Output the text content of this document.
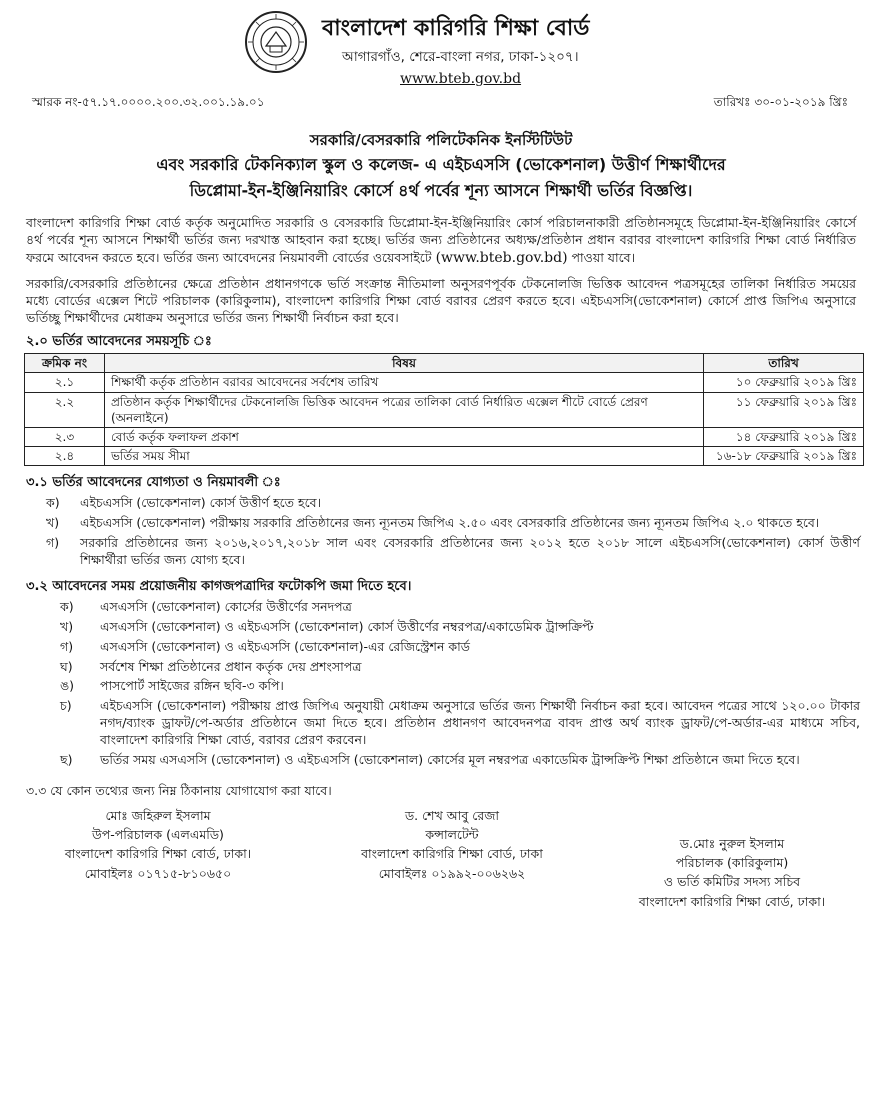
বাংলাদেশ কারিগরি শিক্ষা বোর্ড
আগারগাঁও, শেরে-বাংলা নগর, ঢাকা-১২০৭।
www.bteb.gov.bd
স্মারক নং-৫৭.১৭.০০০০.২০০.৩২.০০১.১৯.০১	তারিখঃ ৩০-০১-২০১৯ খ্রিঃ
সরকারি/বেসরকারি পলিটেকনিক ইনস্টিটিউট
এবং সরকারি টেকনিক্যাল স্কুল ও কলেজ- এ এইচএসসি (ভোকেশনাল) উত্তীর্ণ শিক্ষার্থীদের
ডিপ্লোমা-ইন-ইঞ্জিনিয়ারিং কোর্সে ৪র্থ পর্বের শূন্য আসনে শিক্ষার্থী ভর্তির বিজ্ঞপ্তি।

বাংলাদেশ কারিগরি শিক্ষা বোর্ড কর্তৃক অনুমোদিত সরকারি ও বেসরকারি ডিপ্লোমা-ইন-ইঞ্জিনিয়ারিং কোর্স পরিচালনাকারী প্রতিষ্ঠানসমূহে ডিপ্লোমা-ইন-ইঞ্জিনিয়ারিং কোর্সে ৪র্থ পর্বের শূন্য আসনে শিক্ষার্থী ভর্তির জন্য দরখাস্ত আহবান করা হচ্ছে। ভর্তির জন্য প্রতিষ্ঠানের অধ্যক্ষ/প্রতিষ্ঠান প্রধান বরাবর বাংলাদেশ কারিগরি শিক্ষা বোর্ড নির্ধারিত ফরমে আবেদন করতে হবে। ভর্তির জন্য আবেদনের নিয়মাবলী বোর্ডের ওয়েবসাইটে (www.bteb.gov.bd) পাওয়া যাবে।

সরকারি/বেসরকারি প্রতিষ্ঠানের ক্ষেত্রে প্রতিষ্ঠান প্রধানগণকে ভর্তি সংক্রান্ত নীতিমালা অনুসরণপূর্বক টেকনোলজি ভিত্তিক আবেদন পত্রসমূহের তালিকা নির্ধারিত সময়ের মধ্যে বোর্ডের এক্সেল শিটে পরিচালক (কারিকুলাম), বাংলাদেশ কারিগরি শিক্ষা বোর্ড বরাবর প্রেরণ করতে হবে। এইচএসসি(ভোকেশনাল) কোর্সে প্রাপ্ত জিপিএ অনুসারে ভর্তিচ্ছু শিক্ষার্থীদের মেধাক্রম অনুসারে ভর্তির জন্য শিক্ষার্থী নির্বাচন করা হবে।

২.০ ভর্তির আবেদনের সময়সূচি ঃ
ক্রমিক নং	বিষয়	তারিখ
২.১	শিক্ষার্থী কর্তৃক প্রতিষ্ঠান বরাবর আবেদনের সর্বশেষ তারিখ	১০ ফেব্রুয়ারি ২০১৯ খ্রিঃ
২.২	প্রতিষ্ঠান কর্তৃক শিক্ষার্থীদের টেকনোলজি ভিত্তিক আবেদন পত্রের তালিকা বোর্ড নির্ধারিত এক্সেল শীটে বোর্ডে প্রেরণ (অনলাইনে)	১১ ফেব্রুয়ারি ২০১৯ খ্রিঃ
২.৩	বোর্ড কর্তৃক ফলাফল প্রকাশ	১৪ ফেব্রুয়ারি ২০১৯ খ্রিঃ
২.৪	ভর্তির সময় সীমা	১৬-১৮ ফেব্রুয়ারি ২০১৯ খ্রিঃ
৩.১ ভর্তির আবেদনের যোগ্যতা ও নিয়মাবলী ঃ
ক)	এইচএসসি (ভোকেশনাল) কোর্স উত্তীর্ণ হতে হবে।
খ)	এইচএসসি (ভোকেশনাল) পরীক্ষায় সরকারি প্রতিষ্ঠানের জন্য ন্যূনতম জিপিএ ২.৫০ এবং বেসরকারি প্রতিষ্ঠানের জন্য ন্যূনতম জিপিএ ২.০ থাকতে হবে।
গ)	সরকারি প্রতিষ্ঠানের জন্য ২০১৬,২০১৭,২০১৮ সাল এবং বেসরকারি প্রতিষ্ঠানের জন্য ২০১২ হতে ২০১৮ সালে এইচএসসি(ভোকেশনাল) কোর্স উত্তীর্ণ শিক্ষার্থীরা ভর্তির জন্য যোগ্য হবে।
৩.২ আবেদনের সময় প্রয়োজনীয় কাগজপত্রাদির ফটোকপি জমা দিতে হবে।
ক)	এসএসসি (ভোকেশনাল) কোর্সের উত্তীর্ণের সনদপত্র
খ)	এসএসসি (ভোকেশনাল) ও এইচএসসি (ভোকেশনাল) কোর্স উত্তীর্ণের নম্বরপত্র/একাডেমিক ট্রান্সক্রিপ্ট
গ)	এসএসসি (ভোকেশনাল) ও এইচএসসি (ভোকেশনাল)-এর রেজিস্ট্রেশন কার্ড
ঘ)	সর্বশেষ শিক্ষা প্রতিষ্ঠানের প্রধান কর্তৃক দেয় প্রশংসাপত্র
ঙ)	পাসপোর্ট সাইজের রঙ্গিন ছবি-৩ কপি।
চ)	এইচএসসি (ভোকেশনাল) পরীক্ষায় প্রাপ্ত জিপিএ অনুযায়ী মেধাক্রম অনুসারে ভর্তির জন্য শিক্ষার্থী নির্বাচন করা হবে। আবেদন পত্রের সাথে ১২০.০০ টাকার নগদ/ব্যাংক ড্রাফট/পে-অর্ডার প্রতিষ্ঠানে জমা দিতে হবে। প্রতিষ্ঠান প্রধানগণ আবেদনপত্র বাবদ প্রাপ্ত অর্থ ব্যাংক ড্রাফট/পে-অর্ডার-এর মাধ্যমে সচিব, বাংলাদেশ কারিগরি শিক্ষা বোর্ড, বরাবর প্রেরণ করবেন।
ছ)	ভর্তির সময় এসএসসি (ভোকেশনাল) ও এইচএসসি (ভোকেশনাল) কোর্সের মূল নম্বরপত্র একাডেমিক ট্রান্সক্রিপ্ট শিক্ষা প্রতিষ্ঠানে জমা দিতে হবে।
৩.৩ যে কোন তথ্যের জন্য নিম্ন ঠিকানায় যোগাযোগ করা যাবে।
মোঃ জহিরুল ইসলাম
উপ-পরিচালক (এলএমডি)
বাংলাদেশ কারিগরি শিক্ষা বোর্ড, ঢাকা।
মোবাইলঃ ০১৭১৫-৮১০৬৫০
ড. শেখ আবু রেজা
কন্সালটেন্ট
বাংলাদেশ কারিগরি শিক্ষা বোর্ড, ঢাকা
মোবাইলঃ ০১৯৯২-০০৬২৬২
ড.মোঃ নুরুল ইসলাম
পরিচালক (কারিকুলাম)
ও ভর্তি কমিটির সদস্য সচিব
বাংলাদেশ কারিগরি শিক্ষা বোর্ড, ঢাকা।
